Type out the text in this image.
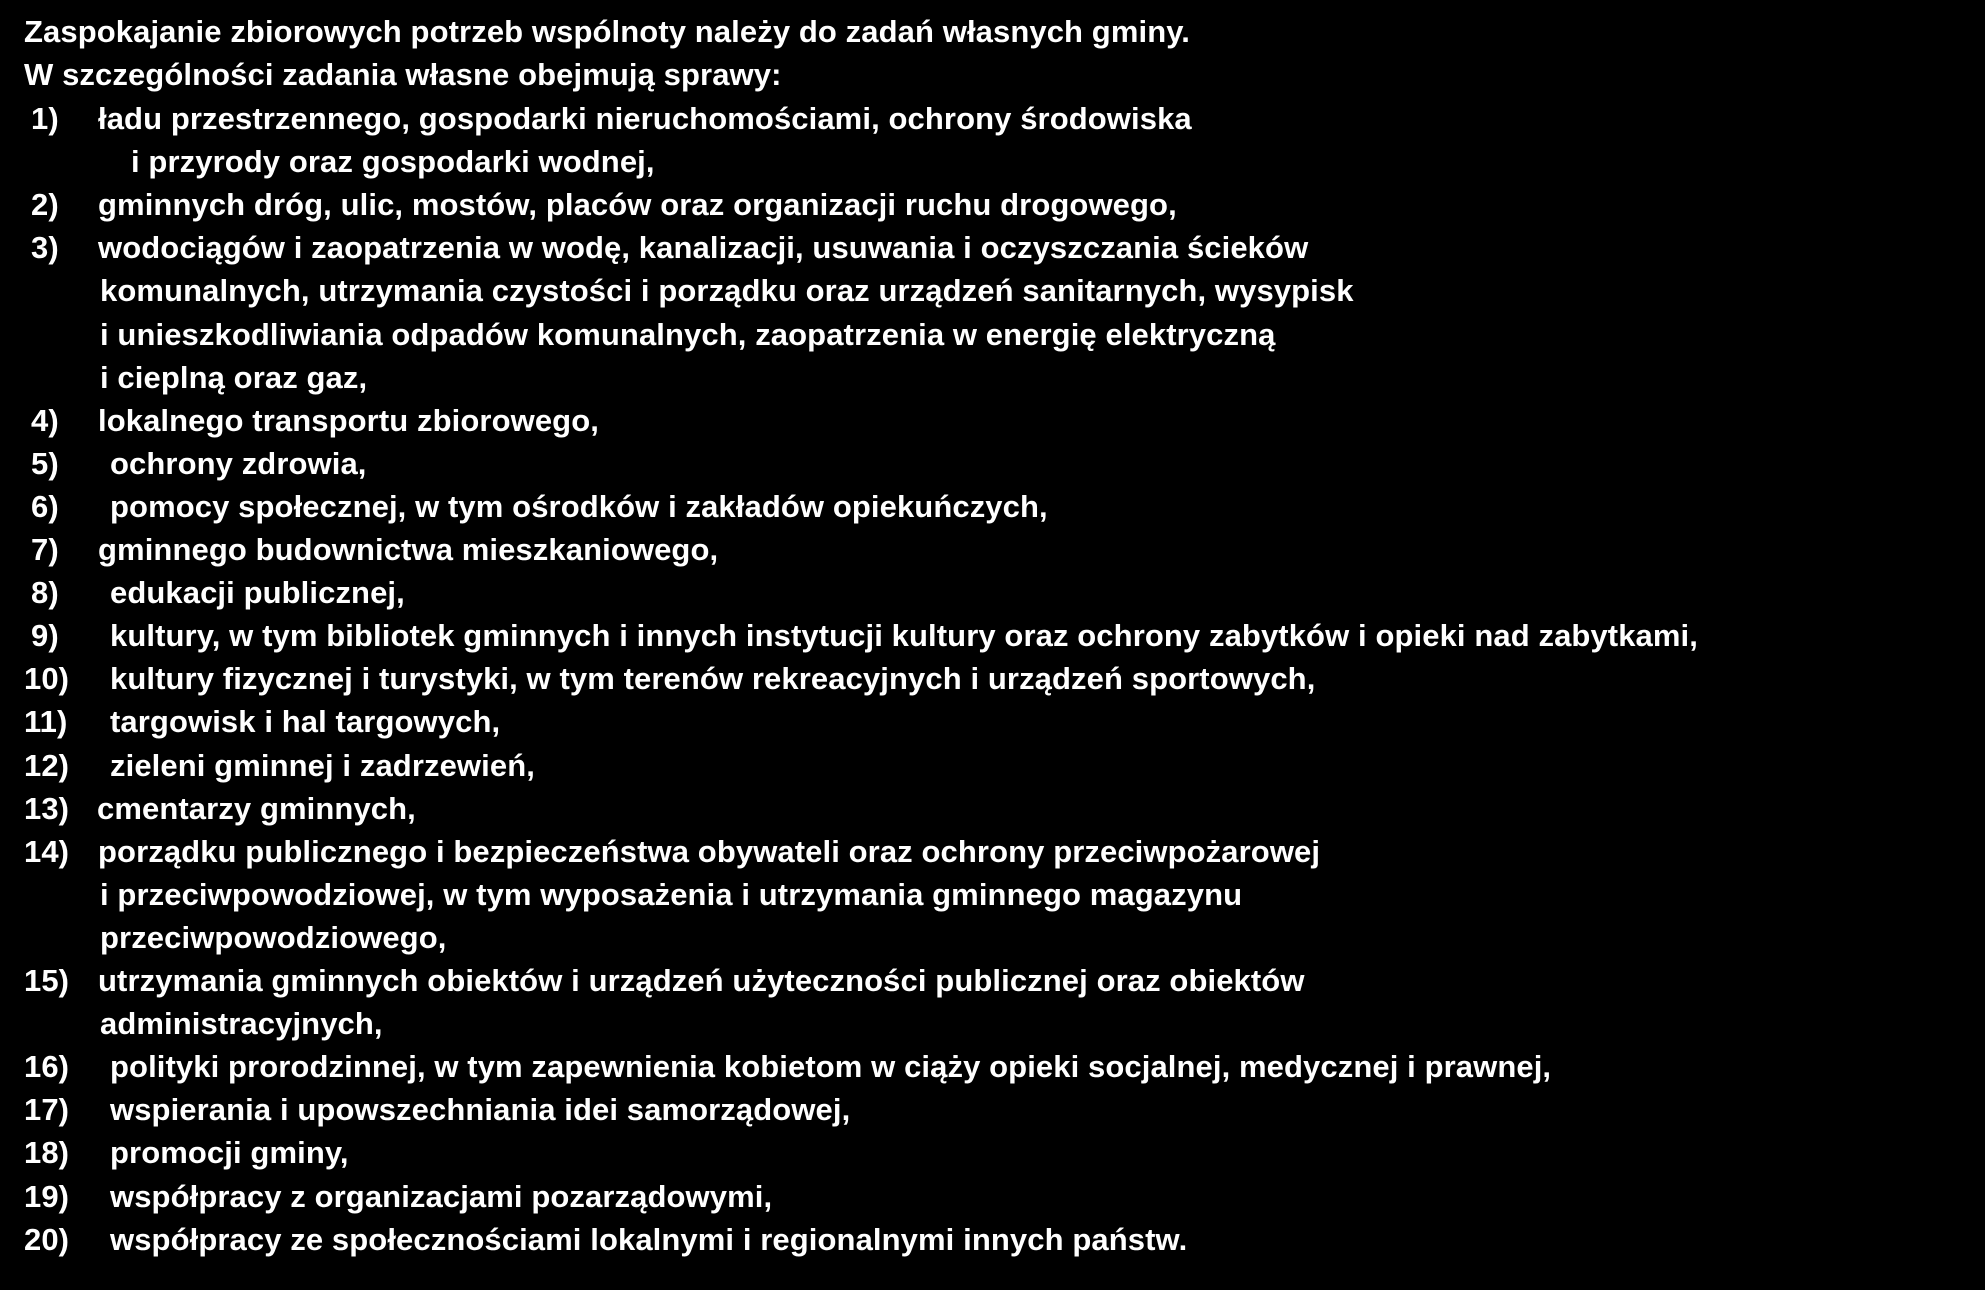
Zaspokajanie zbiorowych potrzeb wspólnoty należy do zadań własnych gminy.
W szczególności zadania własne obejmują sprawy:
1) ładu przestrzennego, gospodarki nieruchomościami, ochrony środowiska
i przyrody oraz gospodarki wodnej,
2) gminnych dróg, ulic, mostów, placów oraz organizacji ruchu drogowego,
3) wodociągów i zaopatrzenia w wodę, kanalizacji, usuwania i oczyszczania ścieków
komunalnych, utrzymania czystości i porządku oraz urządzeń sanitarnych, wysypisk
i unieszkodliwiania odpadów komunalnych, zaopatrzenia w energię elektryczną
i cieplną oraz gaz,
4) lokalnego transportu zbiorowego,
5) ochrony zdrowia,
6) pomocy społecznej, w tym ośrodków i zakładów opiekuńczych,
7) gminnego budownictwa mieszkaniowego,
8) edukacji publicznej,
9) kultury, w tym bibliotek gminnych i innych instytucji kultury oraz ochrony zabytków i opieki nad zabytkami,
10) kultury fizycznej i turystyki, w tym terenów rekreacyjnych i urządzeń sportowych,
11) targowisk i hal targowych,
12) zieleni gminnej i zadrzewień,
13) cmentarzy gminnych,
14) porządku publicznego i bezpieczeństwa obywateli oraz ochrony przeciwpożarowej
i przeciwpowodziowej, w tym wyposażenia i utrzymania gminnego magazynu
przeciwpowodziowego,
15) utrzymania gminnych obiektów i urządzeń użyteczności publicznej oraz obiektów
administracyjnych,
16) polityki prorodzinnej, w tym zapewnienia kobietom w ciąży opieki socjalnej, medycznej i prawnej,
17) wspierania i upowszechniania idei samorządowej,
18) promocji gminy,
19) współpracy z organizacjami pozarządowymi,
20) współpracy ze społecznościami lokalnymi i regionalnymi innych państw.
